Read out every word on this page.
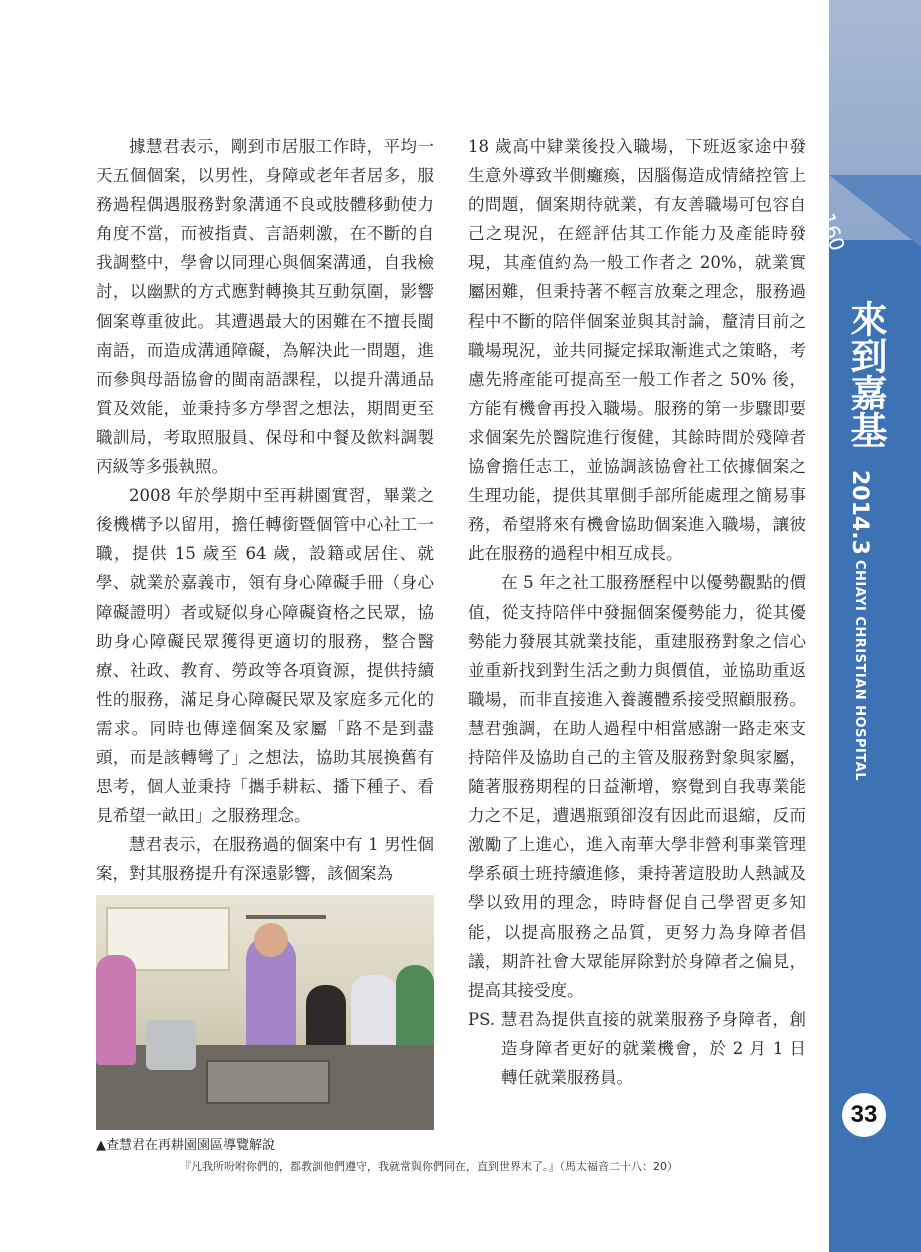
160
來到嘉基
2014.3 CHIAYI CHRISTIAN HOSPITAL
33

據慧君表示，剛到市居服工作時，平均一天五個個案，以男性，身障或老年者居多，服務過程偶遇服務對象溝通不良或肢體移動使力角度不當，而被指責、言語刺激，在不斷的自我調整中，學會以同理心與個案溝通，自我檢討，以幽默的方式應對轉換其互動氛圍，影響個案尊重彼此。其遭遇最大的困難在不擅長閩南語，而造成溝通障礙，為解決此一問題，進而參與母語協會的閩南語課程，以提升溝通品質及效能，並秉持多方學習之想法，期間更至職訓局，考取照服員、保母和中餐及飲料調製丙級等多張執照。

2008 年於學期中至再耕園實習，畢業之後機構予以留用，擔任轉銜暨個管中心社工一職，提供 15 歲至 64 歲，設籍或居住、就學、就業於嘉義市，領有身心障礙手冊（身心障礙證明）者或疑似身心障礙資格之民眾，協助身心障礙民眾獲得更適切的服務，整合醫療、社政、教育、勞政等各項資源，提供持續性的服務，滿足身心障礙民眾及家庭多元化的需求。同時也傳達個案及家屬「路不是到盡頭，而是該轉彎了」之想法，協助其展換舊有思考，個人並秉持「攜手耕耘、播下種子、看見希望一畝田」之服務理念。

慧君表示，在服務過的個案中有 1 男性個案，對其服務提升有深遠影響，該個案為

18 歲高中肄業後投入職場，下班返家途中發生意外導致半側癱瘓，因腦傷造成情緒控管上的問題，個案期待就業，有友善職場可包容自己之現況，在經評估其工作能力及產能時發現，其產值約為一般工作者之 20%，就業實屬困難，但秉持著不輕言放棄之理念，服務過程中不斷的陪伴個案並與其討論，釐清目前之職場現況，並共同擬定採取漸進式之策略，考慮先將產能可提高至一般工作者之 50% 後，方能有機會再投入職場。服務的第一步驟即要求個案先於醫院進行復健，其餘時間於殘障者協會擔任志工，並協調該協會社工依據個案之生理功能，提供其單側手部所能處理之簡易事務，希望將來有機會協助個案進入職場，讓彼此在服務的過程中相互成長。

在 5 年之社工服務歷程中以優勢觀點的價值，從支持陪伴中發掘個案優勢能力，從其優勢能力發展其就業技能，重建服務對象之信心並重新找到對生活之動力與價值，並協助重返職場，而非直接進入養護體系接受照顧服務。慧君強調，在助人過程中相當感謝一路走來支持陪伴及協助自己的主管及服務對象與家屬，隨著服務期程的日益漸增，察覺到自我專業能力之不足，遭遇瓶頸卻沒有因此而退縮，反而激勵了上進心，進入南華大學非營利事業管理學系碩士班持續進修，秉持著這股助人熱誠及學以致用的理念，時時督促自己學習更多知能，以提高服務之品質，更努力為身障者倡議，期許社會大眾能屏除對於身障者之偏見，提高其接受度。

PS. 慧君為提供直接的就業服務予身障者，創造身障者更好的就業機會，於 2 月 1 日轉任就業服務員。

▲查慧君在再耕園園區導覽解說
『凡我所吩咐你們的，都教訓他們遵守，我就常與你們同在，直到世界末了。』（馬太福音二十八：20）
